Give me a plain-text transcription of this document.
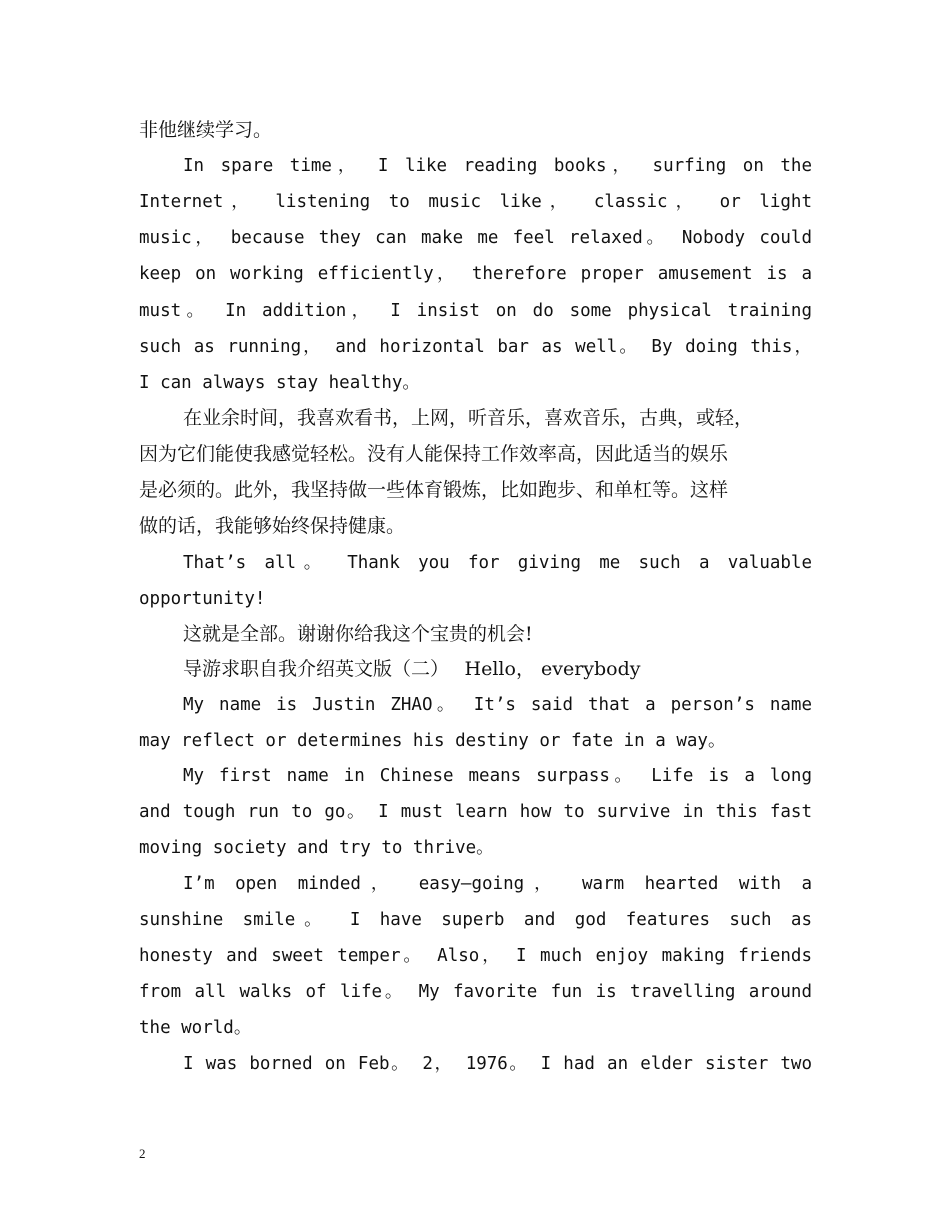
非他继续学习。
In spare time， I like reading books， surfing on the
Internet， listening to music like， classic， or light
music， because they can make me feel relaxed。 Nobody could
keep on working efficiently， therefore proper amusement is a
must。 In addition， I insist on do some physical training
such as running， and horizontal bar as well。 By doing this，
I can always stay healthy。
在业余时间，我喜欢看书，上网，听音乐，喜欢音乐，古典，或轻，
因为它们能使我感觉轻松。没有人能保持工作效率高，因此适当的娱乐
是必须的。此外，我坚持做一些体育锻炼，比如跑步、和单杠等。这样
做的话，我能够始终保持健康。
That’s all。 Thank you for giving me such a valuable
opportunity!
这就是全部。谢谢你给我这个宝贵的机会!
导游求职自我介绍英文版（二）　 Hello， everybody
My name is Justin ZHAO。 It’s said that a person’s name
may reflect or determines his destiny or fate in a way。
My first name in Chinese means surpass。 Life is a long
and tough run to go。 I must learn how to survive in this fast
moving society and try to thrive。
I’m open minded， easy—going， warm hearted with a
sunshine smile。 I have superb and god features such as
honesty and sweet temper。 Also， I much enjoy making friends
from all walks of life。 My favorite fun is travelling around
the world。
I was borned on Feb。 2， 1976。 I had an elder sister two
2
